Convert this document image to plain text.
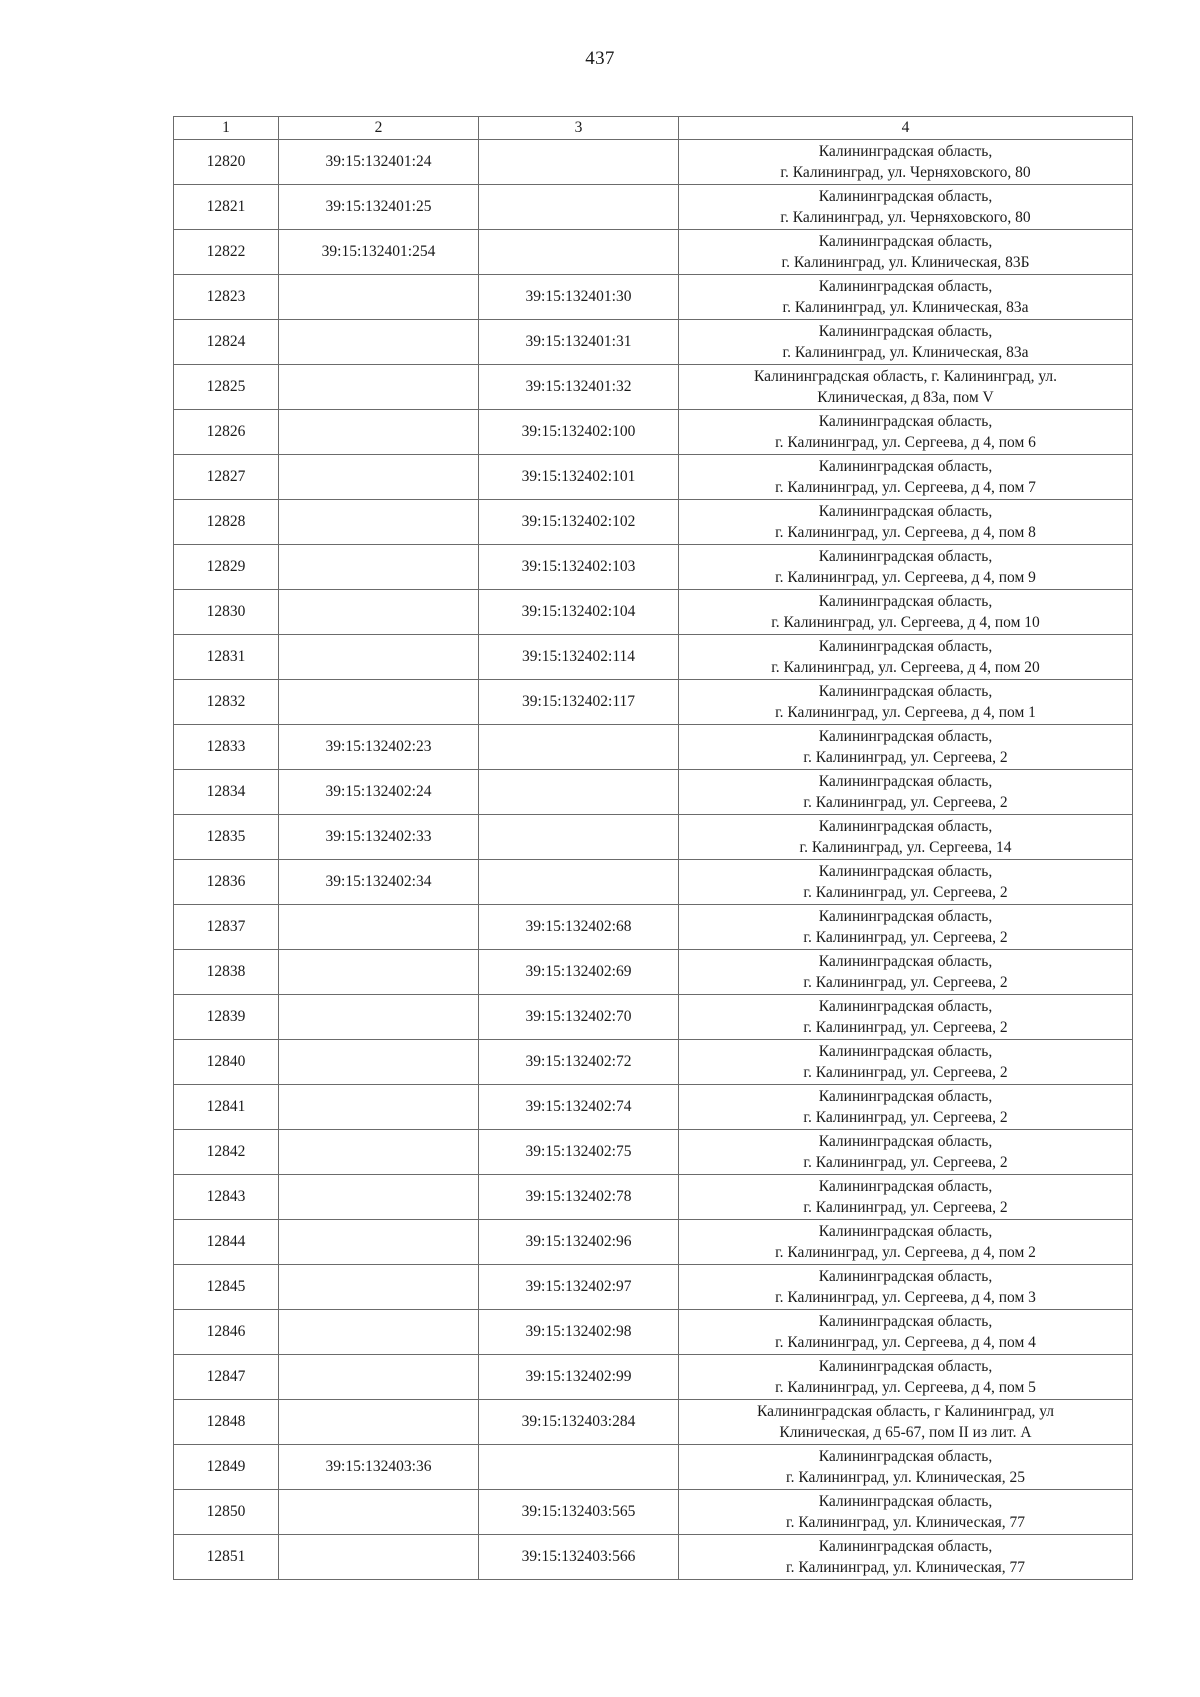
437
1	2	3	4
12820	39:15:132401:24		Калининградская область,
г. Калининград, ул. Черняховского, 80

12821	39:15:132401:25		Калининградская область,
г. Калининград, ул. Черняховского, 80

12822	39:15:132401:254		Калининградская область,
г. Калининград, ул. Клиническая, 83Б

12823		39:15:132401:30	Калининградская область,
г. Калининград, ул. Клиническая, 83а

12824		39:15:132401:31	Калининградская область,
г. Калининград, ул. Клиническая, 83а

12825		39:15:132401:32	Калининградская область, г. Калининград, ул.
Клиническая, д 83а, пом V

12826		39:15:132402:100	Калининградская область,
г. Калининград, ул. Сергеева, д 4, пом 6

12827		39:15:132402:101	Калининградская область,
г. Калининград, ул. Сергеева, д 4, пом 7

12828		39:15:132402:102	Калининградская область,
г. Калининград, ул. Сергеева, д 4, пом 8

12829		39:15:132402:103	Калининградская область,
г. Калининград, ул. Сергеева, д 4, пом 9

12830		39:15:132402:104	Калининградская область,
г. Калининград, ул. Сергеева, д 4, пом 10

12831		39:15:132402:114	Калининградская область,
г. Калининград, ул. Сергеева, д 4, пом 20

12832		39:15:132402:117	Калининградская область,
г. Калининград, ул. Сергеева, д 4, пом 1

12833	39:15:132402:23		Калининградская область,
г. Калининград, ул. Сергеева, 2

12834	39:15:132402:24		Калининградская область,
г. Калининград, ул. Сергеева, 2

12835	39:15:132402:33		Калининградская область,
г. Калининград, ул. Сергеева, 14

12836	39:15:132402:34		Калининградская область,
г. Калининград, ул. Сергеева, 2

12837		39:15:132402:68	Калининградская область,
г. Калининград, ул. Сергеева, 2

12838		39:15:132402:69	Калининградская область,
г. Калининград, ул. Сергеева, 2

12839		39:15:132402:70	Калининградская область,
г. Калининград, ул. Сергеева, 2

12840		39:15:132402:72	Калининградская область,
г. Калининград, ул. Сергеева, 2

12841		39:15:132402:74	Калининградская область,
г. Калининград, ул. Сергеева, 2

12842		39:15:132402:75	Калининградская область,
г. Калининград, ул. Сергеева, 2

12843		39:15:132402:78	Калининградская область,
г. Калининград, ул. Сергеева, 2

12844		39:15:132402:96	Калининградская область,
г. Калининград, ул. Сергеева, д 4, пом 2

12845		39:15:132402:97	Калининградская область,
г. Калининград, ул. Сергеева, д 4, пом 3

12846		39:15:132402:98	Калининградская область,
г. Калининград, ул. Сергеева, д 4, пом 4

12847		39:15:132402:99	Калининградская область,
г. Калининград, ул. Сергеева, д 4, пом 5

12848		39:15:132403:284	Калининградская область, г Калининград, ул
Клиническая, д 65-67, пом II из лит. А

12849	39:15:132403:36		Калининградская область,
г. Калининград, ул. Клиническая, 25

12850		39:15:132403:565	Калининградская область,
г. Калининград, ул. Клиническая, 77

12851		39:15:132403:566	Калининградская область,
г. Калининград, ул. Клиническая, 77
